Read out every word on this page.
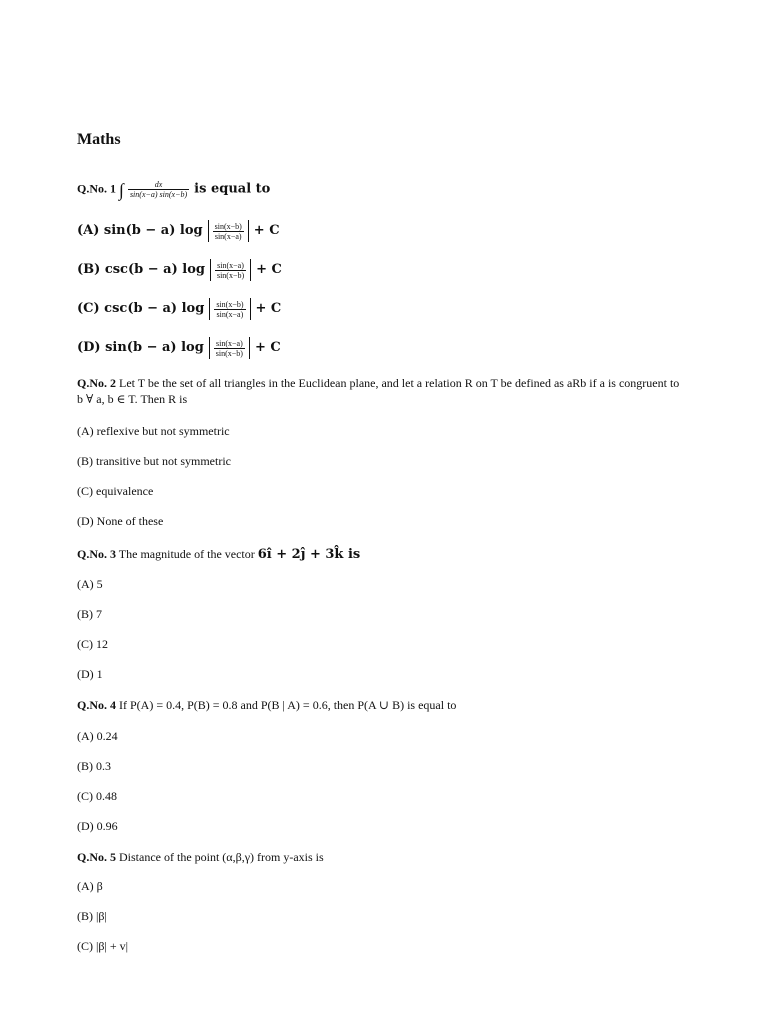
Maths
Q.No. 1 ∫ $\frac{dx}{\sin(x-a) \sin(x-b)}$ is equal to
(A) sin(b − a) $\log \frac{\sin(x-b)}{\sin(x-a)} + C$
(B) csc(b − a) $\log \frac{\sin(x-a)}{\sin(x-b)} + C$
(C) csc(b − a) $\log \frac{\sin(x-b)}{\sin(x-a)} + C$
(D) sin(b − a) $\log \frac{\sin(x-a)}{\sin(x-b)} + C$
Q.No. 2 Let T be the set of all triangles in the Euclidean plane, and let a relation R on T be defined as aRb if a is congruent to b ∀ a, b ∈ T. Then R is
(A) reflexive but not symmetric
(B) transitive but not symmetric
(C) equivalence
(D) None of these
Q.No. 3 The magnitude of the vector 6î + 2ĵ + 3k̂ is
(A) 5
(B) 7
(C) 12
(D) 1
Q.No. 4 If P(A) = 0.4, P(B) = 0.8 and P(B | A) = 0.6, then P(A ∪ B) is equal to
(A) 0.24
(B) 0.3
(C) 0.48
(D) 0.96
Q.No. 5 Distance of the point (α,β,γ) from y-axis is
(A) β
(B) |β|
(C) |β| + v|
